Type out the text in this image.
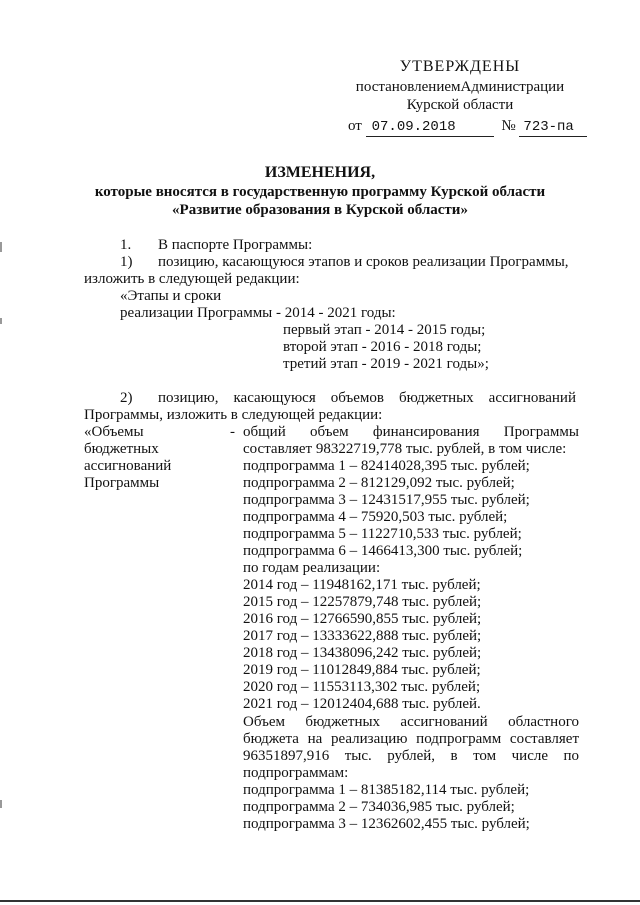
УТВЕРЖДЕНЫ
постановлениемАдминистрации
Курской области
от 07.09.2018	№ 723-па
ИЗМЕНЕНИЯ,
которые вносятся в государственную программу Курской области
«Развитие образования в Курской области»
1. В паспорте Программы:
1) позицию, касающуюся этапов и сроков реализации Программы,
изложить в следующей редакции:
«Этапы и сроки
реализации Программы - 2014 - 2021 годы:
первый этап - 2014 - 2015 годы;
второй этап - 2016 - 2018 годы;
третий этап - 2019 - 2021 годы»;
2) позицию, касающуюся объемов бюджетных ассигнований
Программы, изложить в следующей редакции:
«Объемы
бюджетных
ассигнований
Программы
- общий объем финансирования Программы
составляет 98322719,778 тыс. рублей, в том числе:
подпрограмма 1 – 82414028,395 тыс. рублей;
подпрограмма 2 – 812129,092 тыс. рублей;
подпрограмма 3 – 12431517,955 тыс. рублей;
подпрограмма 4 – 75920,503 тыс. рублей;
подпрограмма 5 – 1122710,533 тыс. рублей;
подпрограмма 6 – 1466413,300 тыс. рублей;
по годам реализации:
2014 год – 11948162,171 тыс. рублей;
2015 год – 12257879,748 тыс. рублей;
2016 год – 12766590,855 тыс. рублей;
2017 год – 13333622,888 тыс. рублей;
2018 год – 13438096,242 тыс. рублей;
2019 год – 11012849,884 тыс. рублей;
2020 год – 11553113,302 тыс. рублей;
2021 год – 12012404,688 тыс. рублей.
Объем бюджетных ассигнований областного
бюджета на реализацию подпрограмм составляет
96351897,916 тыс. рублей, в том числе по
подпрограммам:
подпрограмма 1 – 81385182,114 тыс. рублей;
подпрограмма 2 – 734036,985 тыс. рублей;
подпрограмма 3 – 12362602,455 тыс. рублей;
